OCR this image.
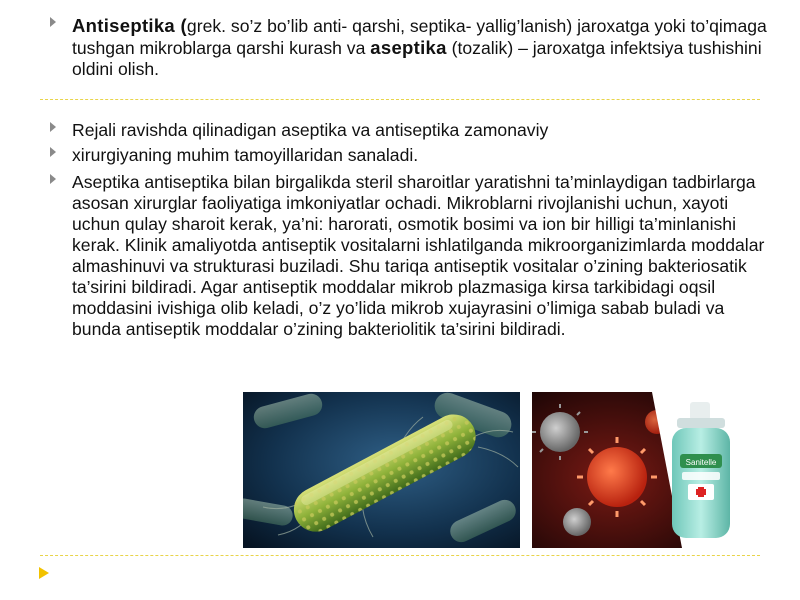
Antiseptika (grek. so’z bo’lib anti- qarshi, septika- yallig’lanish) jaroxatga yoki to’qimaga tushgan mikroblarga qarshi kurash va aseptika (tozalik) – jaroxatga infektsiya tushishini oldini olish.
Rejali ravishda qilinadigan aseptika va antiseptika zamonaviy
xirurgiyaning muhim tamoyillaridan sanaladi.
Aseptika antiseptika bilan birgalikda steril sharoitlar yaratishni ta’minlaydigan tadbirlarga asosan xirurglar faoliyatiga imkoniyatlar ochadi. Mikroblarni rivojlanishi uchun, xayoti uchun qulay sharoit kerak, ya’ni: harorati, osmotik bosimi va ion bir hilligi ta’minlanishi kerak. Klinik amaliyotda antiseptik vositalarni ishlatilganda mikroorganizimlarda moddalar almashinuvi va strukturasi buziladi. Shu tariqa antiseptik vositalar o’zining bakteriosatik ta’sirini bildiradi. Agar antiseptik moddalar mikrob plazmasiga kirsa tarkibidagi oqsil moddasini ivishiga olib keladi, o’z yo’lida mikrob xujayrasini o’limiga sabab buladi va bunda antiseptik moddalar o’zining bakteriolitik ta’sirini bildiradi.
Sanitelle
